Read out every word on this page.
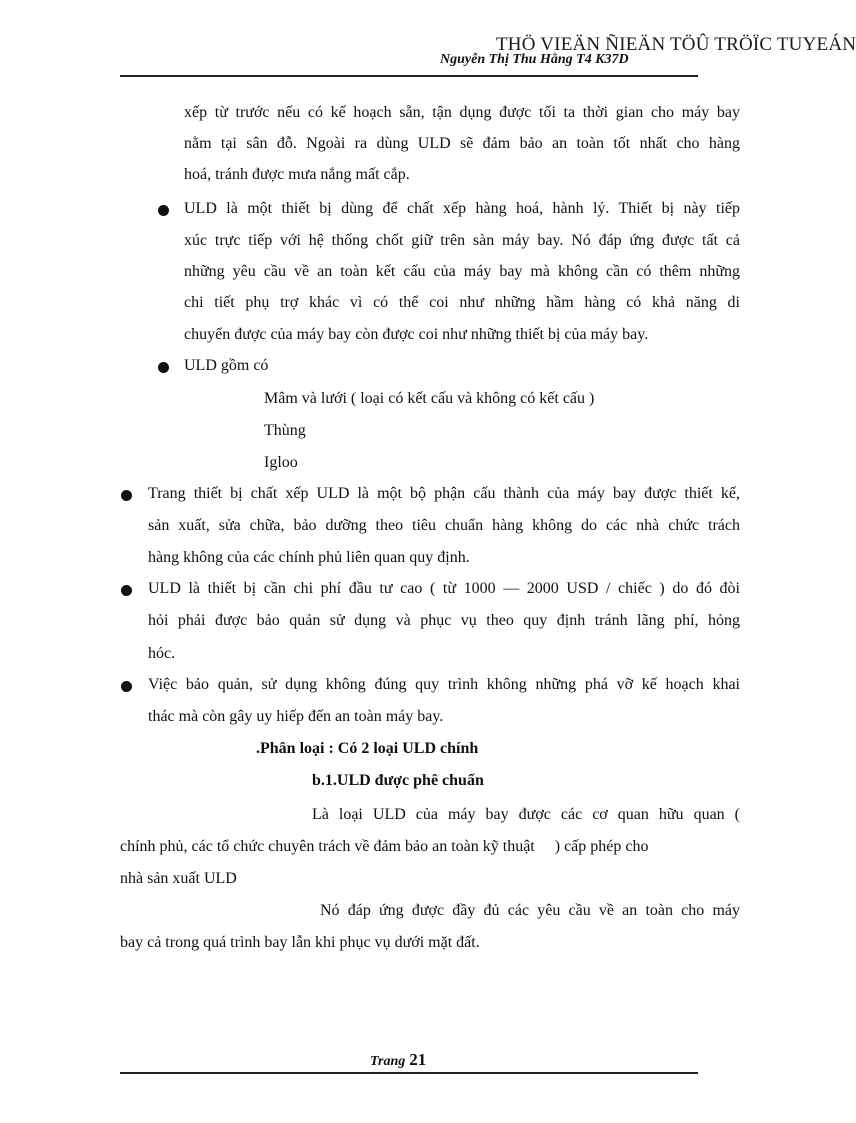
THÖ VIEÄN ÑIEÄN TÖÛ TRÖÏC TUYEÁN
Nguyễn Thị Thu Hằng T4 K37D
xếp từ trước nếu có kế hoạch sẵn, tận dụng được tối ta thời gian cho máy bay
nằm tại sân đỗ. Ngoài ra dùng ULD sẽ đảm bảo an toàn tốt nhất cho hàng
hoá, tránh được mưa nắng mất cắp.
ULD là một thiết bị dùng để chất xếp hàng hoá, hành lý. Thiết bị này tiếp
xúc trực tiếp với hệ thống chốt giữ trên sàn máy bay. Nó đáp ứng được tất cả
những yêu cầu về an toàn kết cấu của máy bay mà không cần có thêm những
chi tiết phụ trợ khác vì có thể coi như những hầm hàng có khả năng di
chuyển được của máy bay còn được coi như những thiết bị của máy bay.
ULD gồm có
Mâm và lưới ( loại có kết cấu và không có kết cấu )
Thùng
Igloo
Trang thiết bị chất xếp ULD là một bộ phận cấu thành của máy bay được thiết kế,
sản xuất, sửa chữa, bảo dưỡng theo tiêu chuẩn hàng không do các nhà chức trách
hàng không của các chính phủ liên quan quy định.
ULD là thiết bị cần chi phí đầu tư cao ( từ 1000 — 2000 USD / chiếc ) do đó đòi
hỏi phải được bảo quản sử dụng và phục vụ theo quy định tránh lãng phí, hỏng
hóc.
Việc bảo quản, sử dụng không đúng quy trình không những phá vỡ kế hoạch khai
thác mà còn gây uy hiếp đến an toàn máy bay.
.Phân loại : Có 2 loại ULD chính
b.1.ULD được phê chuẩn
Là loại ULD của máy bay được các cơ quan hữu quan (
chính phủ, các tổ chức chuyên trách về đảm bảo an toàn kỹ thuật     ) cấp phép cho
nhà sản xuất ULD
Nó đáp ứng được đầy đủ các yêu cầu về an toàn cho máy
bay cả trong quá trình bay lẫn khi phục vụ dưới mặt đất.
Trang 21
